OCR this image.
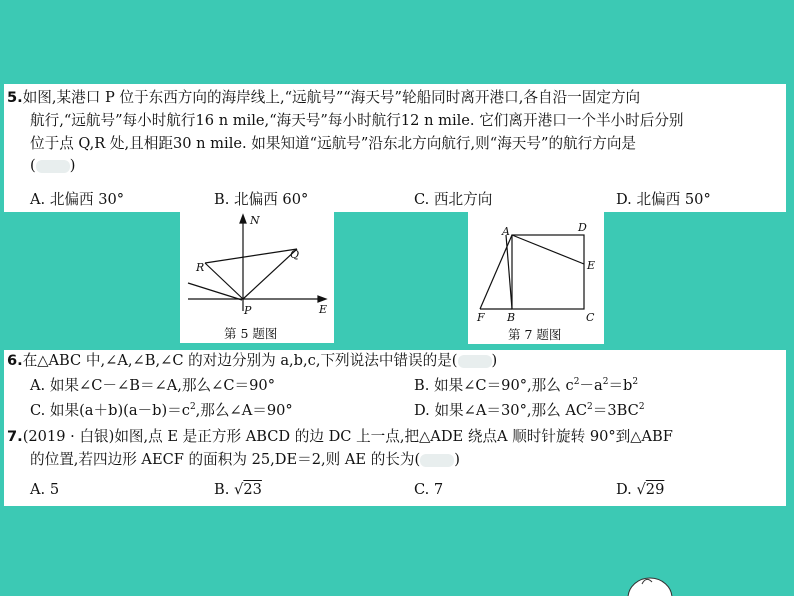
5.如图,某港口 P 位于东西方向的海岸线上,“远航号”“海天号”轮船同时离开港口,各自沿一固定方向
航行,“远航号”每小时航行16 n mile,“海天号”每小时航行12 n mile. 它们离开港口一个半小时后分别
位于点 Q,R 处,且相距30 n mile. 如果知道“远航号”沿东北方向航行,则“海天号”的航行方向是
( )
A. 北偏西 30°	B. 北偏西 60°	C. 西北方向	D. 北偏西 50°
N
E
P
Q
R
第 5 题图
A	D
E
C
B
F
第 7 题图
6.在△ABC 中,∠A,∠B,∠C 的对边分别为 a,b,c,下列说法中错误的是( )
A. 如果∠C－∠B＝∠A,那么∠C＝90°	B. 如果∠C＝90°,那么 $c^2-a^2=b^2$
C. 如果$(a+b)(a-b)=c^2$,那么∠A＝90°	D. 如果∠A＝30°,那么 $AC^2=3BC^2$
7.(2019 · 白银)如图,点 E 是正方形 ABCD 的边 DC 上一点,把△ADE 绕点A 顺时针旋转 90°到△ABF
的位置,若四边形 AECF 的面积为 25,DE＝2,则 AE 的长为( )
A. 5	B. √23	C. 7	D. √29
